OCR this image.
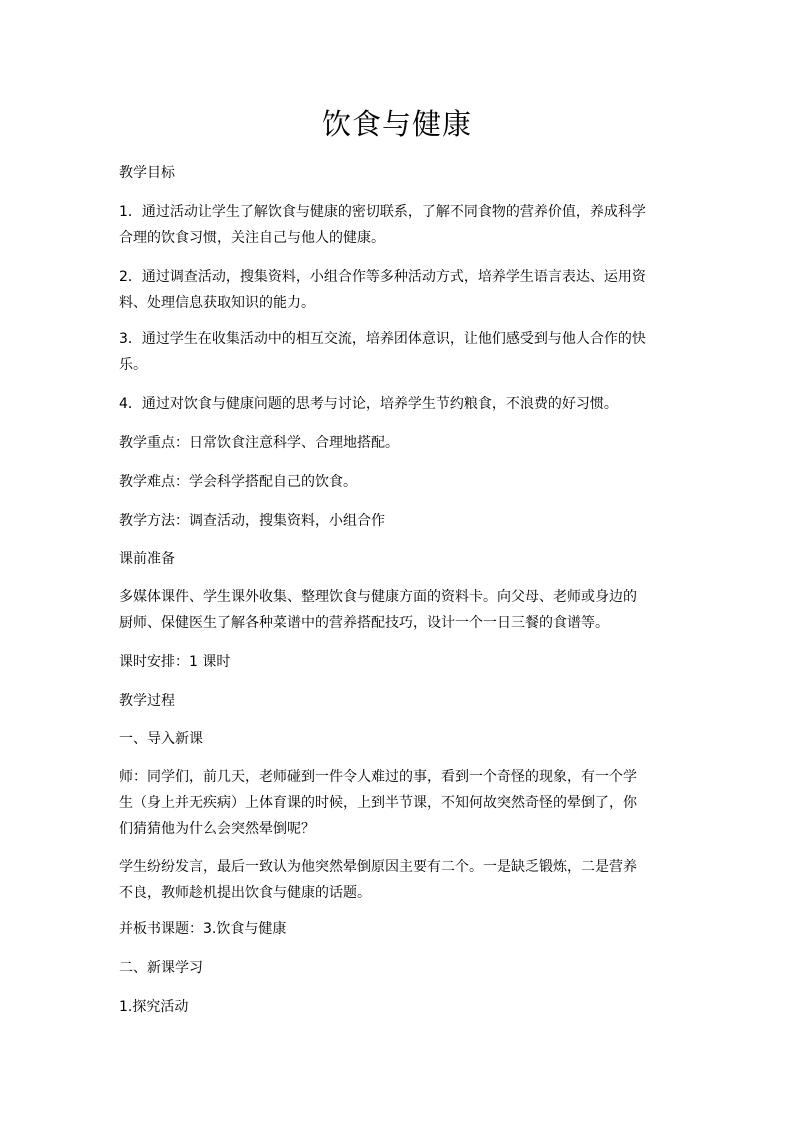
饮食与健康
教学目标
1．通过活动让学生了解饮食与健康的密切联系，了解不同食物的营养价值，养成科学
合理的饮食习惯，关注自己与他人的健康。
2．通过调查活动，搜集资料，小组合作等多种活动方式，培养学生语言表达、运用资
料、处理信息获取知识的能力。
3．通过学生在收集活动中的相互交流，培养团体意识，让他们感受到与他人合作的快
乐。
4．通过对饮食与健康问题的思考与讨论，培养学生节约粮食，不浪费的好习惯。
教学重点：日常饮食注意科学、合理地搭配。
教学难点：学会科学搭配自己的饮食。
教学方法：调查活动，搜集资料，小组合作
课前准备
多媒体课件、学生课外收集、整理饮食与健康方面的资料卡。向父母、老师或身边的
厨师、保健医生了解各种菜谱中的营养搭配技巧，设计一个一日三餐的食谱等。
课时安排：1 课时
教学过程
一、导入新课
师：同学们，前几天，老师碰到一件令人难过的事，看到一个奇怪的现象，有一个学
生（身上并无疾病）上体育课的时候，上到半节课，不知何故突然奇怪的晕倒了，你
们猜猜他为什么会突然晕倒呢？
学生纷纷发言，最后一致认为他突然晕倒原因主要有二个。一是缺乏锻炼，二是营养
不良，教师趁机提出饮食与健康的话题。
并板书课题：3.饮食与健康
二、新课学习
1.探究活动
